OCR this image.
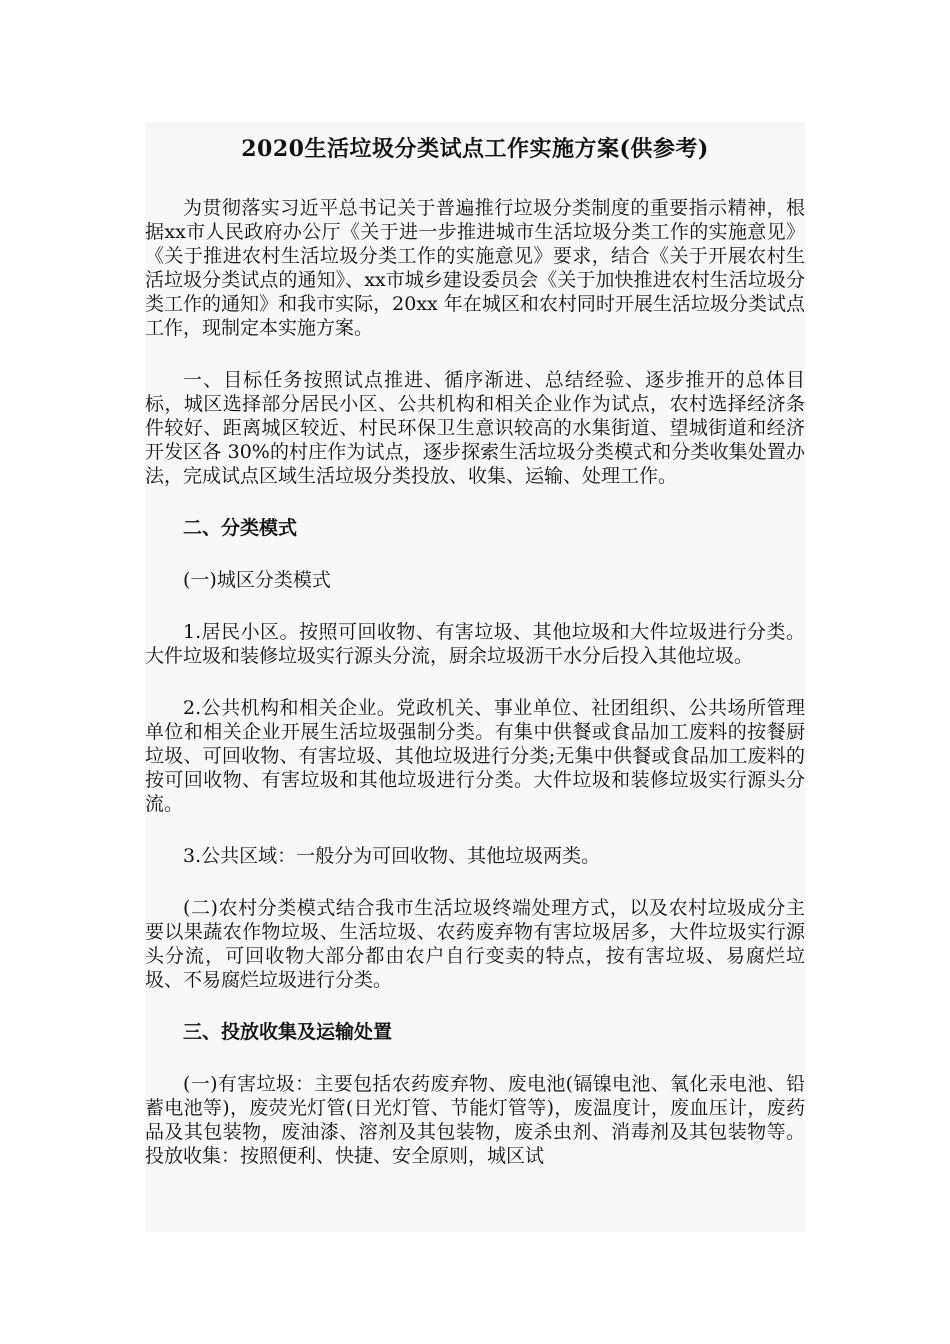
2020生活垃圾分类试点工作实施方案(供参考)

为贯彻落实习近平总书记关于普遍推行垃圾分类制度的重要指示精神，根据xx市人民政府办公厅《关于进一步推进城市生活垃圾分类工作的实施意见》《关于推进农村生活垃圾分类工作的实施意见》要求，结合《关于开展农村生活垃圾分类试点的通知》、xx市城乡建设委员会《关于加快推进农村生活垃圾分类工作的通知》和我市实际，20xx 年在城区和农村同时开展生活垃圾分类试点工作，现制定本实施方案。

一、目标任务按照试点推进、循序渐进、总结经验、逐步推开的总体目标，城区选择部分居民小区、公共机构和相关企业作为试点，农村选择经济条件较好、距离城区较近、村民环保卫生意识较高的水集街道、望城街道和经济开发区各 30%的村庄作为试点，逐步探索生活垃圾分类模式和分类收集处置办法，完成试点区域生活垃圾分类投放、收集、运输、处理工作。

二、分类模式

(一)城区分类模式

1.居民小区。按照可回收物、有害垃圾、其他垃圾和大件垃圾进行分类。大件垃圾和装修垃圾实行源头分流，厨余垃圾沥干水分后投入其他垃圾。

2.公共机构和相关企业。党政机关、事业单位、社团组织、公共场所管理单位和相关企业开展生活垃圾强制分类。有集中供餐或食品加工废料的按餐厨垃圾、可回收物、有害垃圾、其他垃圾进行分类;无集中供餐或食品加工废料的按可回收物、有害垃圾和其他垃圾进行分类。大件垃圾和装修垃圾实行源头分流。

3.公共区域：一般分为可回收物、其他垃圾两类。

(二)农村分类模式结合我市生活垃圾终端处理方式，以及农村垃圾成分主要以果蔬农作物垃圾、生活垃圾、农药废弃物有害垃圾居多，大件垃圾实行源头分流，可回收物大部分都由农户自行变卖的特点，按有害垃圾、易腐烂垃圾、不易腐烂垃圾进行分类。

三、投放收集及运输处置

(一)有害垃圾：主要包括农药废弃物、废电池(镉镍电池、氧化汞电池、铅蓄电池等)，废荧光灯管(日光灯管、节能灯管等)，废温度计，废血压计，废药品及其包装物，废油漆、溶剂及其包装物，废杀虫剂、消毒剂及其包装物等。投放收集：按照便利、快捷、安全原则，城区试
